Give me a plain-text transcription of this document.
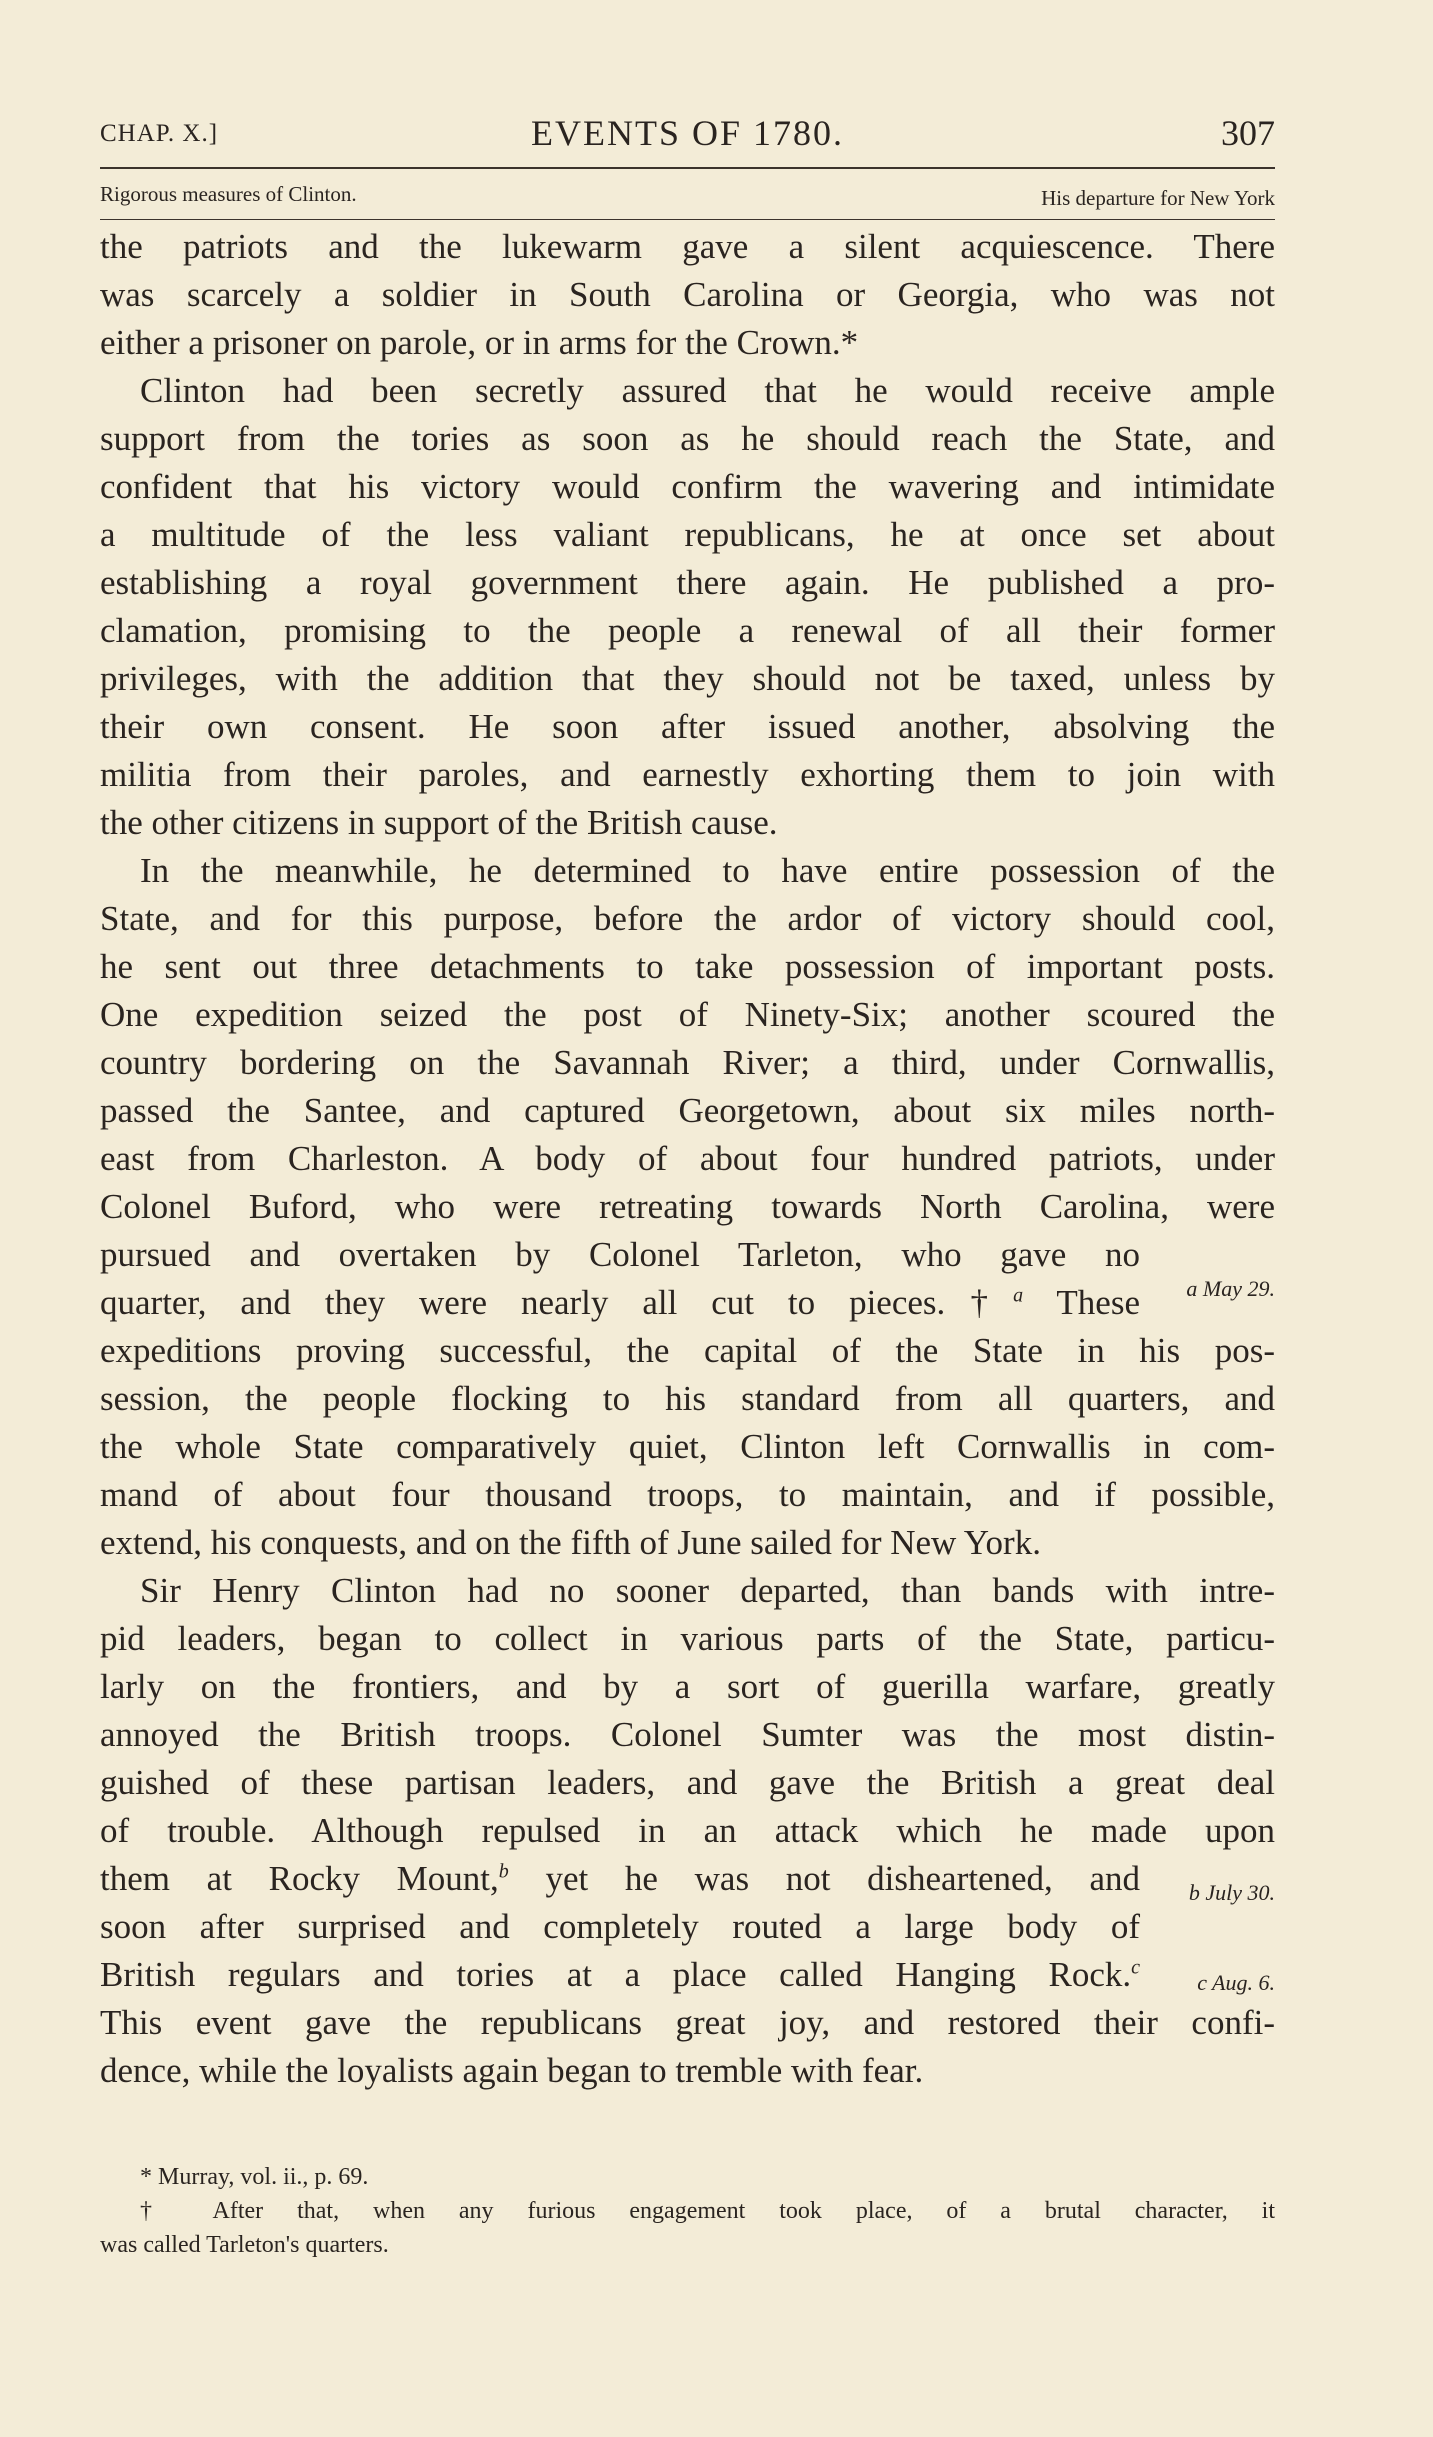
CHAP. X.]	EVENTS OF 1780.	307
Rigorous measures of Clinton.	His departure for New York
the patriots and the lukewarm gave a silent acquiescence. There
was scarcely a soldier in South Carolina or Georgia, who was not
either a prisoner on parole, or in arms for the Crown.*
Clinton had been secretly assured that he would receive ample
support from the tories as soon as he should reach the State, and
confident that his victory would confirm the wavering and intimidate
a multitude of the less valiant republicans, he at once set about
establishing a royal government there again. He published a pro-
clamation, promising to the people a renewal of all their former
privileges, with the addition that they should not be taxed, unless by
their own consent. He soon after issued another, absolving the
militia from their paroles, and earnestly exhorting them to join with
the other citizens in support of the British cause.
In the meanwhile, he determined to have entire possession of the
State, and for this purpose, before the ardor of victory should cool,
he sent out three detachments to take possession of important posts.
One expedition seized the post of Ninety-Six; another scoured the
country bordering on the Savannah River; a third, under Cornwallis,
passed the Santee, and captured Georgetown, about six miles north-
east from Charleston. A body of about four hundred patriots, under
Colonel Buford, who were retreating towards North Carolina, were
pursued and overtaken by Colonel Tarleton, who gave no
quarter, and they were nearly all cut to pieces.†$^a$ These a May 29.
expeditions proving successful, the capital of the State in his pos-
session, the people flocking to his standard from all quarters, and
the whole State comparatively quiet, Clinton left Cornwallis in com-
mand of about four thousand troops, to maintain, and if possible,
extend, his conquests, and on the fifth of June sailed for New York.
Sir Henry Clinton had no sooner departed, than bands with intre-
pid leaders, began to collect in various parts of the State, particu-
larly on the frontiers, and by a sort of guerilla warfare, greatly
annoyed the British troops. Colonel Sumter was the most distin-
guished of these partisan leaders, and gave the British a great deal
of trouble. Although repulsed in an attack which he made upon
them at Rocky Mount,$^b$ yet he was not disheartened, and b July 30.
soon after surprised and completely routed a large body of
British regulars and tories at a place called Hanging Rock.$^c$
c Aug. 6.
This event gave the republicans great joy, and restored their confi-
dence, while the loyalists again began to tremble with fear.
* Murray, vol. ii., p. 69.
† After that, when any furious engagement took place, of a brutal character, it
was called Tarleton's quarters.
